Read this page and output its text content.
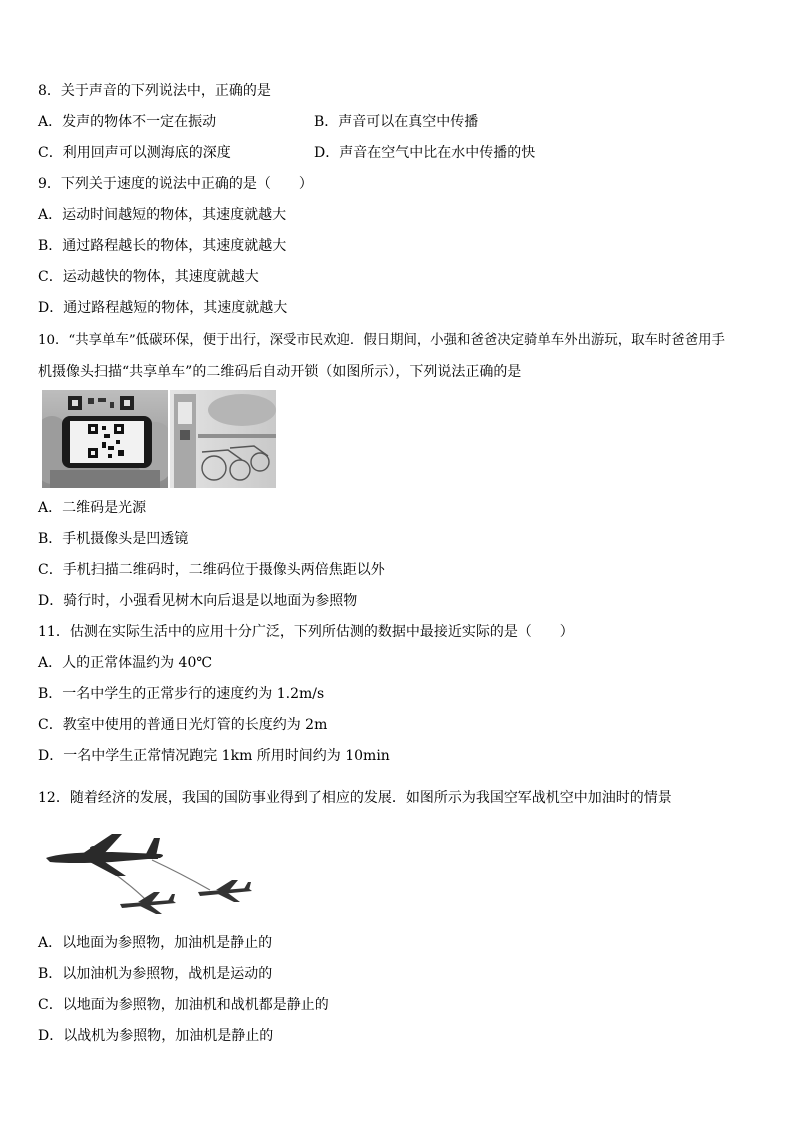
8．关于声音的下列说法中，正确的是
A．发声的物体不一定在振动	B．声音可以在真空中传播
C．利用回声可以测海底的深度	D．声音在空气中比在水中传播的快
9．下列关于速度的说法中正确的是（　　）
A．运动时间越短的物体，其速度就越大
B．通过路程越长的物体，其速度就越大
C．运动越快的物体，其速度就越大
D．通过路程越短的物体，其速度就越大
10．“共享单车”低碳环保，便于出行，深受市民欢迎．假日期间，小强和爸爸决定骑单车外出游玩，取车时爸爸用手
机摄像头扫描“共享单车”的二维码后自动开锁（如图所示），下列说法正确的是
A．二维码是光源
B．手机摄像头是凹透镜
C．手机扫描二维码时，二维码位于摄像头两倍焦距以外
D．骑行时，小强看见树木向后退是以地面为参照物
11．估测在实际生活中的应用十分广泛，下列所估测的数据中最接近实际的是（　　）
A．人的正常体温约为 40℃
B．一名中学生的正常步行的速度约为 1.2m/s
C．教室中使用的普通日光灯管的长度约为 2m
D．一名中学生正常情况跑完 1km 所用时间约为 10min
12．随着经济的发展，我国的国防事业得到了相应的发展．如图所示为我国空军战机空中加油时的情景
A．以地面为参照物，加油机是静止的
B．以加油机为参照物，战机是运动的
C．以地面为参照物，加油机和战机都是静止的
D．以战机为参照物，加油机是静止的
